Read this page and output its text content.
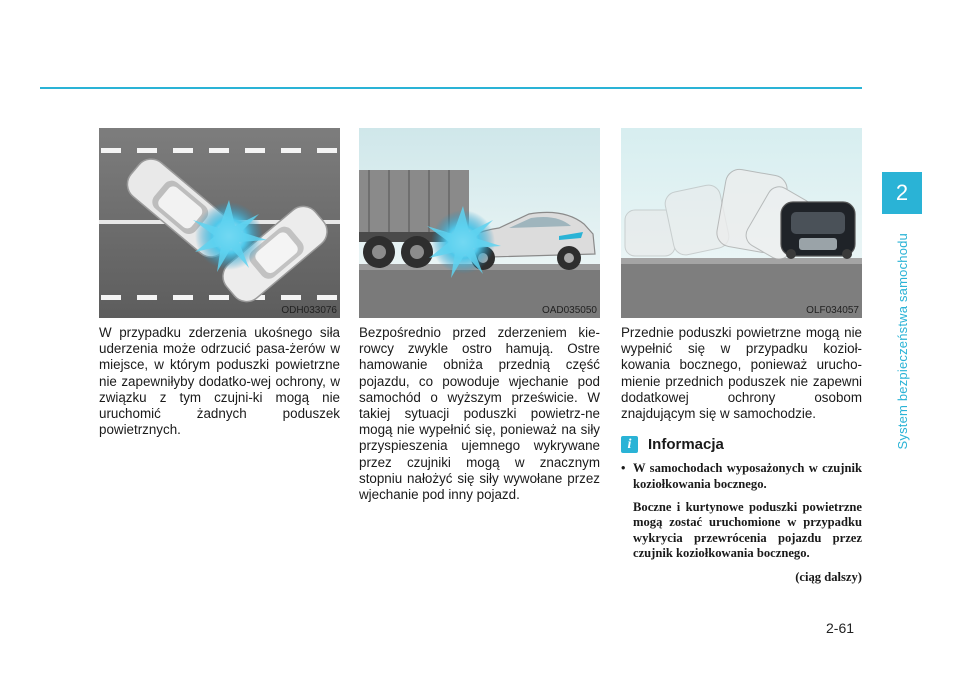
2
System bezpieczeństwa samochodu
ODH033076
W przypadku zderzenia ukośnego siła uderzenia może odrzucić pasa-żerów w miejsce, w którym poduszki powietrzne nie zapewniłyby dodatko-wej ochrony, w związku z tym czujni-ki mogą nie uruchomić żadnych poduszek powietrznych.
OAD035050
Bezpośrednio przed zderzeniem kie-rowcy zwykle ostro hamują. Ostre hamowanie obniża przednią część pojazdu, co powoduje wjechanie pod samochód o wyższym prześwicie. W takiej sytuacji poduszki powietrz-ne mogą nie wypełnić się, ponieważ na siły przyspieszenia ujemnego wykrywane przez czujniki mogą w znacznym stopniu nałożyć się siły wywołane przez wjechanie pod inny pojazd.
OLF034057
Przednie poduszki powietrzne mogą nie wypełnić się w przypadku kozioł-kowania bocznego, ponieważ urucho-mienie przednich poduszek nie zapewni dodatkowej ochrony osobom znajdującym się w samochodzie.
i	Informacja
• W samochodach wyposażonych w czujnik koziołkowania bocznego.
Boczne i kurtynowe poduszki powietrzne mogą zostać uruchomione w przypadku wykrycia przewrócenia pojazdu przez czujnik koziołkowania bocznego.
(ciąg dalszy)
2-61
